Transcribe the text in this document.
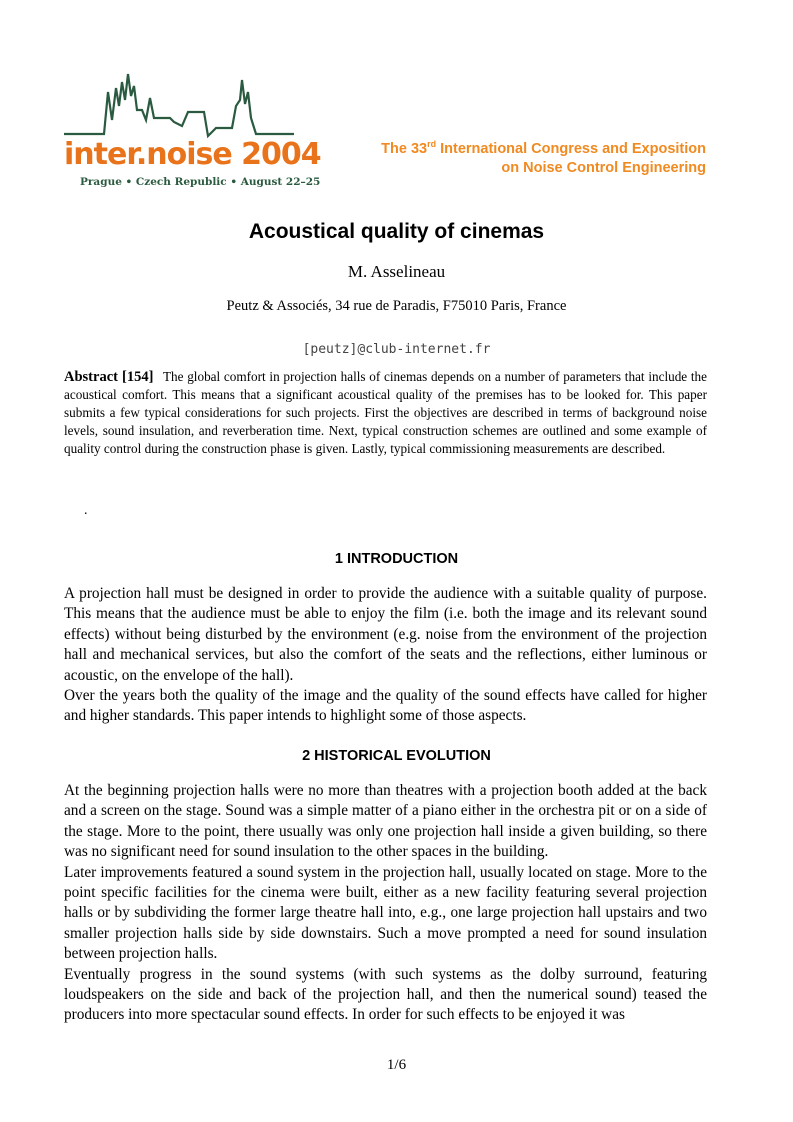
inter.noise 2004
Prague • Czech Republic • August 22–25
The 33rd International Congress and Exposition
on Noise Control Engineering
Acoustical quality of cinemas
M. Asselineau
Peutz & Associés, 34 rue de Paradis, F75010 Paris, France
[peutz]@club-internet.fr
Abstract [154] The global comfort in projection halls of cinemas depends on a number of parameters that include the acoustical comfort. This means that a significant acoustical quality of the premises has to be looked for. This paper submits a few typical considerations for such projects. First the objectives are described in terms of background noise levels, sound insulation, and reverberation time. Next, typical construction schemes are outlined and some example of quality control during the construction phase is given. Lastly, typical commissioning measurements are described.
.
1 INTRODUCTION

A projection hall must be designed in order to provide the audience with a suitable quality of purpose. This means that the audience must be able to enjoy the film (i.e. both the image and its relevant sound effects) without being disturbed by the environment (e.g. noise from the environment of the projection hall and mechanical services, but also the comfort of the seats and the reflections, either luminous or acoustic, on the envelope of the hall).

Over the years both the quality of the image and the quality of the sound effects have called for higher and higher standards. This paper intends to highlight some of those aspects.

2 HISTORICAL EVOLUTION

At the beginning projection halls were no more than theatres with a projection booth added at the back and a screen on the stage. Sound was a simple matter of a piano either in the orchestra pit or on a side of the stage. More to the point, there usually was only one projection hall inside a given building, so there was no significant need for sound insulation to the other spaces in the building.

Later improvements featured a sound system in the projection hall, usually located on stage. More to the point specific facilities for the cinema were built, either as a new facility featuring several projection halls or by subdividing the former large theatre hall into, e.g., one large projection hall upstairs and two smaller projection halls side by side downstairs. Such a move prompted a need for sound insulation between projection halls.

Eventually progress in the sound systems (with such systems as the dolby surround, featuring loudspeakers on the side and back of the projection hall, and then the numerical sound) teased the producers into more spectacular sound effects. In order for such effects to be enjoyed it was

1/6
